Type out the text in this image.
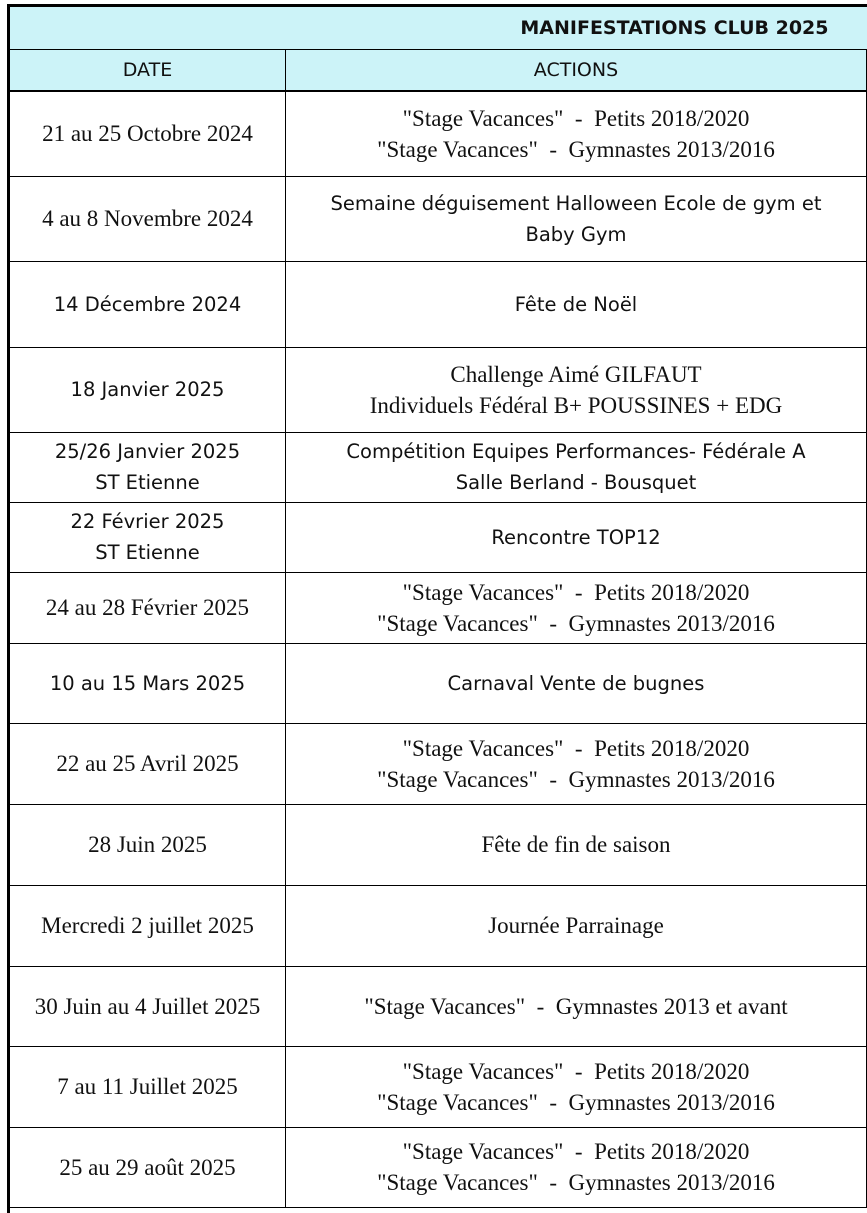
MANIFESTATIONS CLUB 2025	
DATE	ACTIONS

21 au 25 Octobre 2024	"Stage Vacances"  -  Petits 2018/2020
"Stage Vacances"  -  Gymnastes 2013/2016

4 au 8 Novembre 2024	Semaine déguisement Halloween Ecole de gym et
Baby Gym

14 Décembre 2024	Fête de Noël

18 Janvier 2025	Challenge Aimé GILFAUT
Individuels Fédéral B+ POUSSINES + EDG

25/26 Janvier 2025
ST Etienne	Compétition Equipes Performances- Fédérale A
Salle Berland - Bousquet

22 Février 2025
ST Etienne	Rencontre TOP12

24 au 28 Février 2025	"Stage Vacances"  -  Petits 2018/2020
"Stage Vacances"  -  Gymnastes 2013/2016

10 au 15 Mars 2025	Carnaval Vente de bugnes

22 au 25 Avril 2025	"Stage Vacances"  -  Petits 2018/2020
"Stage Vacances"  -  Gymnastes 2013/2016

28 Juin 2025	Fête de fin de saison

Mercredi 2 juillet 2025	Journée Parrainage

30 Juin au 4 Juillet 2025	"Stage Vacances"  -  Gymnastes 2013 et avant

7 au 11 Juillet 2025	"Stage Vacances"  -  Petits 2018/2020
"Stage Vacances"  -  Gymnastes 2013/2016

25 au 29 août 2025	"Stage Vacances"  -  Petits 2018/2020
"Stage Vacances"  -  Gymnastes 2013/2016
